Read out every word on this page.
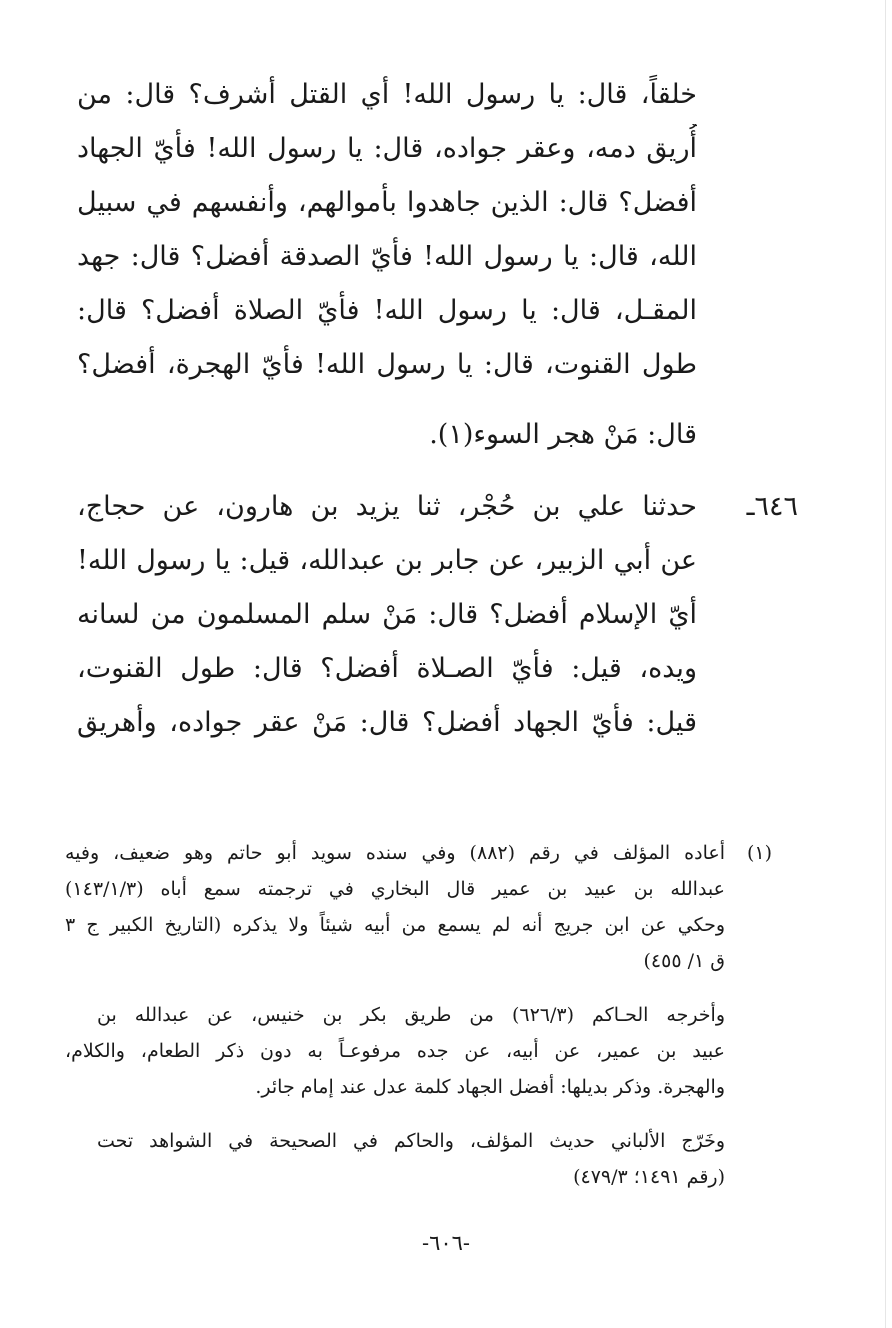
خلقاً، قال: يا رسول الله! أي القتل أشرف؟ قال: من
أُريق دمه، وعقر جواده، قال: يا رسول الله! فأيّ الجهاد
أفضل؟ قال: الذين جاهدوا بأموالهم، وأنفسهم في سبيل
الله، قال: يا رسول الله! فأيّ الصدقة أفضل؟ قال: جهد
المقـل، قال: يا رسول الله! فأيّ الصلاة أفضل؟ قال:
طول القنوت، قال: يا رسول الله! فأيّ الهجرة، أفضل؟
قال: مَنْ هجر السوء(١).
٦٤٦ـ
حدثنا علي بن حُجْر، ثنا يزيد بن هارون، عن حجاج،
عن أبي الزبير، عن جابر بن عبدالله، قيل: يا رسول الله!
أيّ الإسلام أفضل؟ قال: مَنْ سلم المسلمون من لسانه
ويده، قيل: فأيّ الصـلاة أفضل؟ قال: طول القنوت،
قيل: فأيّ الجهاد أفضل؟ قال: مَنْ عقر جواده، وأهريق
(١)
أعاده المؤلف في رقم (٨٨٢) وفي سنده سويد أبو حاتم وهو ضعيف، وفيه
عبدالله بن عبيد بن عمير قال البخاري في ترجمته سمع أباه (١٤٣/١/٣)
وحكي عن ابن جريج أنه لم يسمع من أبيه شيئاً ولا يذكره (التاريخ الكبير ج ٣
ق ١/ ٤٥٥)
وأخرجه الحـاكم (٦٢٦/٣) من طريق بكر بن خنيس، عن عبدالله بن
عبيد بن عمير، عن أبيه، عن جده مرفوعـاً به دون ذكر الطعام، والكلام،
والهجرة. وذكر بديلها: أفضل الجهاد كلمة عدل عند إمام جائر.
وخَرّج الألباني حديث المؤلف، والحاكم في الصحيحة في الشواهد تحت
(رقم ١٤٩١؛ ٤٧٩/٣)
-٦٠٦-
